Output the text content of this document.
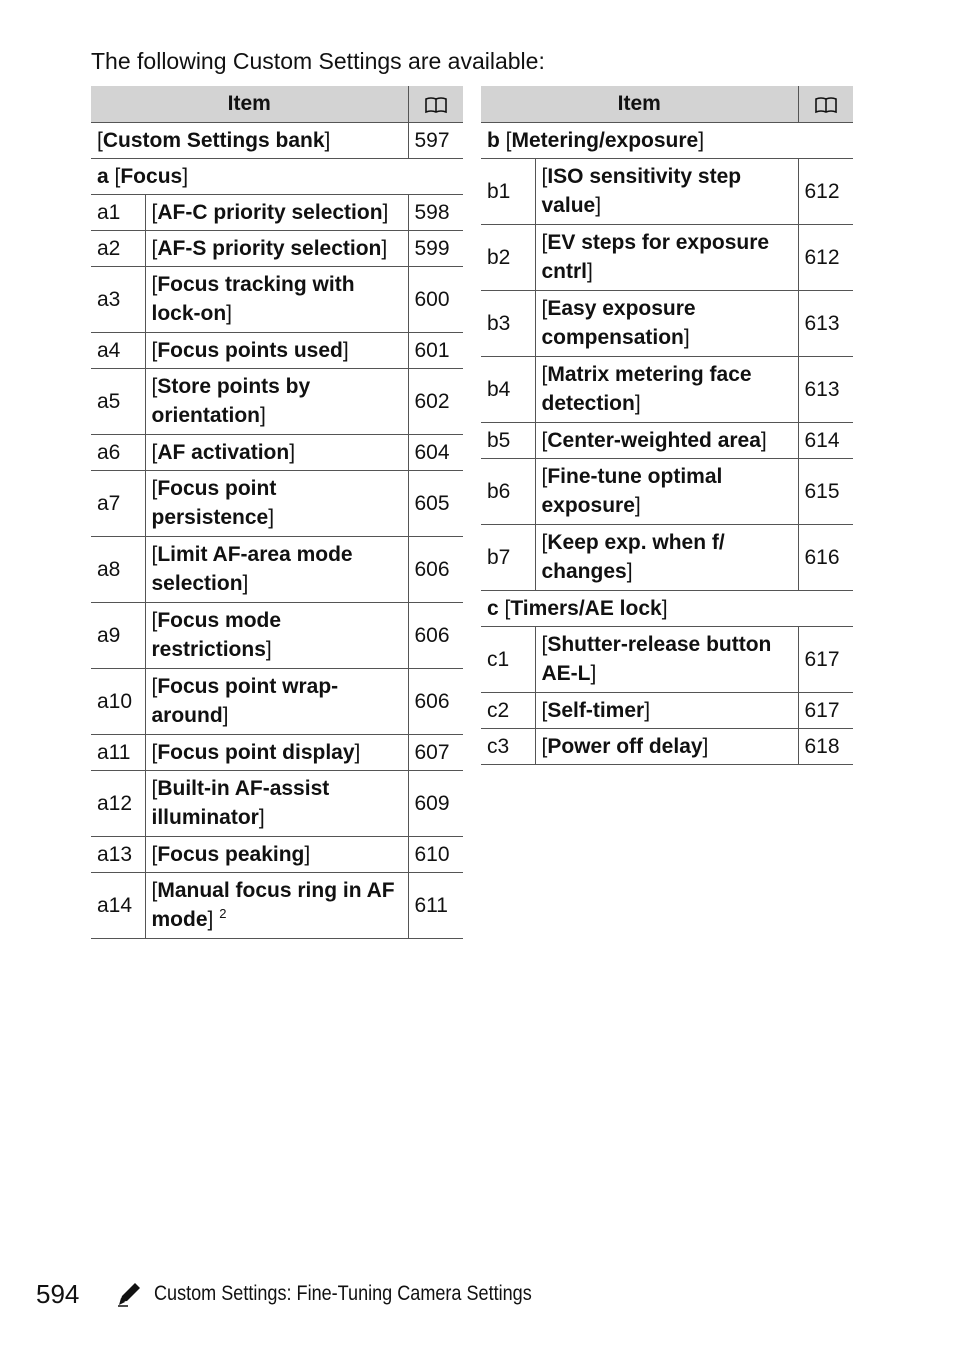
The following Custom Settings are available:
Item	
[Custom Settings bank]		597
a [Focus]		
a1	[AF-C priority selection]	598
a2	[AF-S priority selection]	599
a3	[Focus tracking with lock-on]	600
a4	[Focus points used]	601
a5	[Store points by orientation]	602
a6	[AF activation]	604
a7	[Focus point persistence]	605
a8	[Limit AF-area mode selection]	606
a9	[Focus mode restrictions]	606
a10	[Focus point wrap-around]	606
a11	[Focus point display]	607
a12	[Built-in AF-assist illuminator]	609
a13	[Focus peaking]	610
a14	[Manual focus ring in AF mode] $^2$	611
Item	
b [Metering/exposure]		
b1	[ISO sensitivity step value]	612
b2	[EV steps for exposure cntrl]	612
b3	[Easy exposure compensation]	613
b4	[Matrix metering face detection]	613
b5	[Center-weighted area]	614
b6	[Fine-tune optimal exposure]	615
b7	[Keep exp. when f/ changes]	616
c [Timers/AE lock]		
c1	[Shutter-release button AE-L]	617
c2	[Self-timer]	617
c3	[Power off delay]	618
594	Custom Settings: Fine-Tuning Camera Settings
